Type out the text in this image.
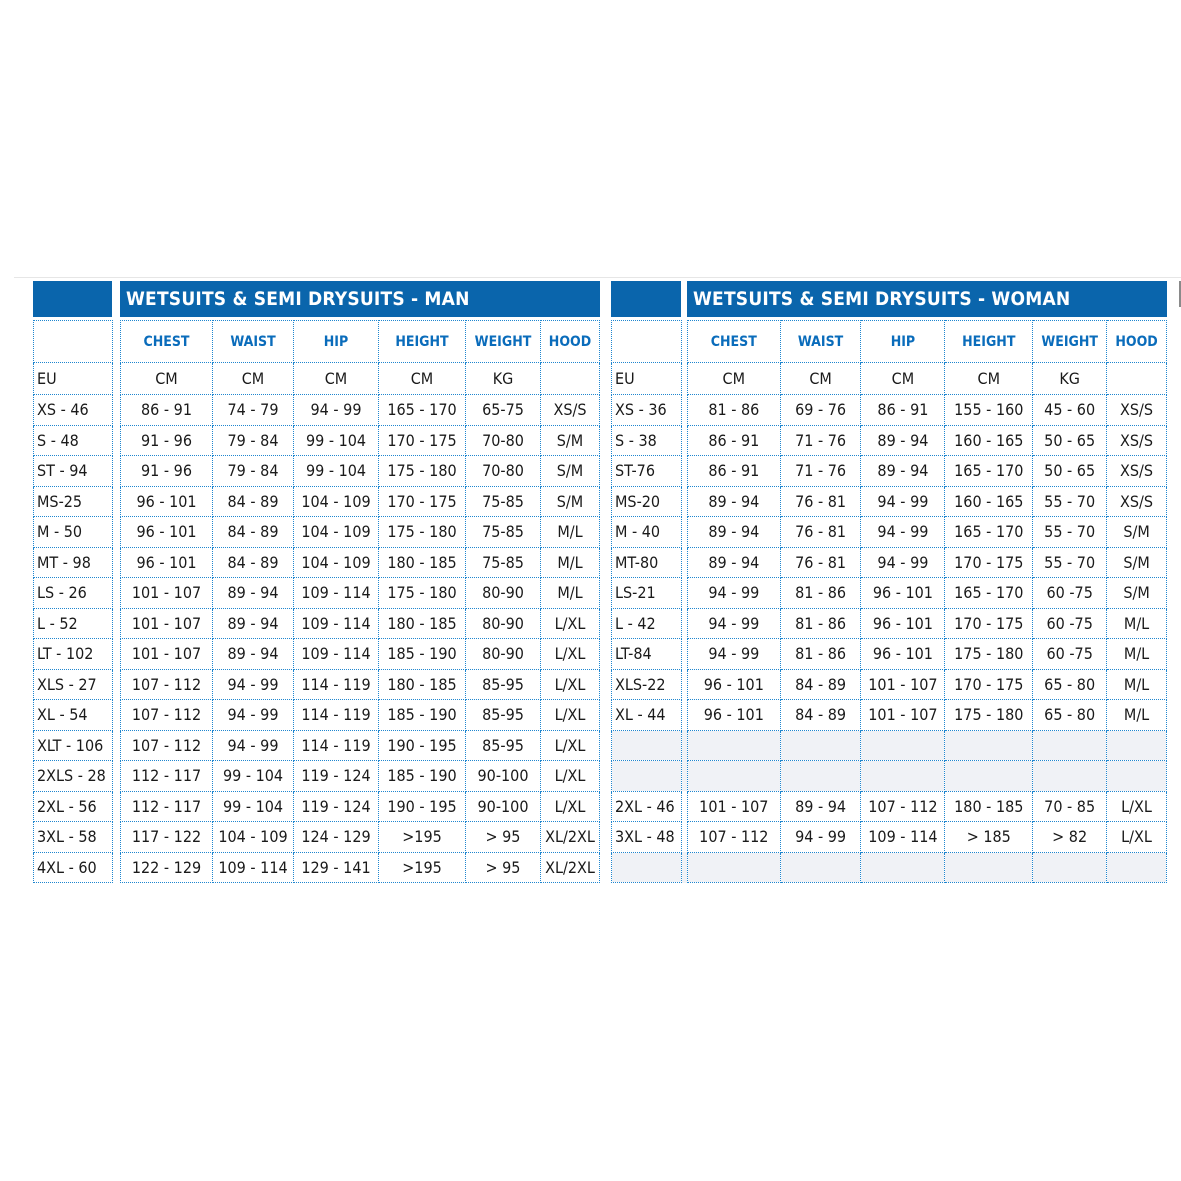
WETSUITS & SEMI DRYSUITS - MAN
		CHEST	WAIST	HIP	HEIGHT	WEIGHT	HOOD
EU		CM	CM	CM	CM	KG	
XS - 46		86 - 91	74 - 79	94 - 99	165 - 170	65-75	XS/S
S - 48		91 - 96	79 - 84	99 - 104	170 - 175	70-80	S/M
ST - 94		91 - 96	79 - 84	99 - 104	175 - 180	70-80	S/M
MS-25		96 - 101	84 - 89	104 - 109	170 - 175	75-85	S/M
M - 50		96 - 101	84 - 89	104 - 109	175 - 180	75-85	M/L
MT - 98		96 - 101	84 - 89	104 - 109	180 - 185	75-85	M/L
LS - 26		101 - 107	89 - 94	109 - 114	175 - 180	80-90	M/L
L - 52		101 - 107	89 - 94	109 - 114	180 - 185	80-90	L/XL
LT - 102		101 - 107	89 - 94	109 - 114	185 - 190	80-90	L/XL
XLS - 27		107 - 112	94 - 99	114 - 119	180 - 185	85-95	L/XL
XL - 54		107 - 112	94 - 99	114 - 119	185 - 190	85-95	L/XL
XLT - 106		107 - 112	94 - 99	114 - 119	190 - 195	85-95	L/XL
2XLS - 28		112 - 117	99 - 104	119 - 124	185 - 190	90-100	L/XL
2XL - 56		112 - 117	99 - 104	119 - 124	190 - 195	90-100	L/XL
3XL - 58		117 - 122	104 - 109	124 - 129	>195	> 95	XL/2XL
4XL - 60		122 - 129	109 - 114	129 - 141	>195	> 95	XL/2XL
WETSUITS & SEMI DRYSUITS - WOMAN
		CHEST	WAIST	HIP	HEIGHT	WEIGHT	HOOD
EU		CM	CM	CM	CM	KG	
XS - 36		81 - 86	69 - 76	86 - 91	155 - 160	45 - 60	XS/S
S - 38		86 - 91	71 - 76	89 - 94	160 - 165	50 - 65	XS/S
ST-76		86 - 91	71 - 76	89 - 94	165 - 170	50 - 65	XS/S
MS-20		89 - 94	76 - 81	94 - 99	160 - 165	55 - 70	XS/S
M - 40		89 - 94	76 - 81	94 - 99	165 - 170	55 - 70	S/M
MT-80		89 - 94	76 - 81	94 - 99	170 - 175	55 - 70	S/M
LS-21		94 - 99	81 - 86	96 - 101	165 - 170	60 -75	S/M
L - 42		94 - 99	81 - 86	96 - 101	170 - 175	60 -75	M/L
LT-84		94 - 99	81 - 86	96 - 101	175 - 180	60 -75	M/L
XLS-22		96 - 101	84 - 89	101 - 107	170 - 175	65 - 80	M/L
XL - 44		96 - 101	84 - 89	101 - 107	175 - 180	65 - 80	M/L

2XL - 46		101 - 107	89 - 94	107 - 112	180 - 185	70 - 85	L/XL
3XL - 48		107 - 112	94 - 99	109 - 114	> 185	> 82	L/XL
